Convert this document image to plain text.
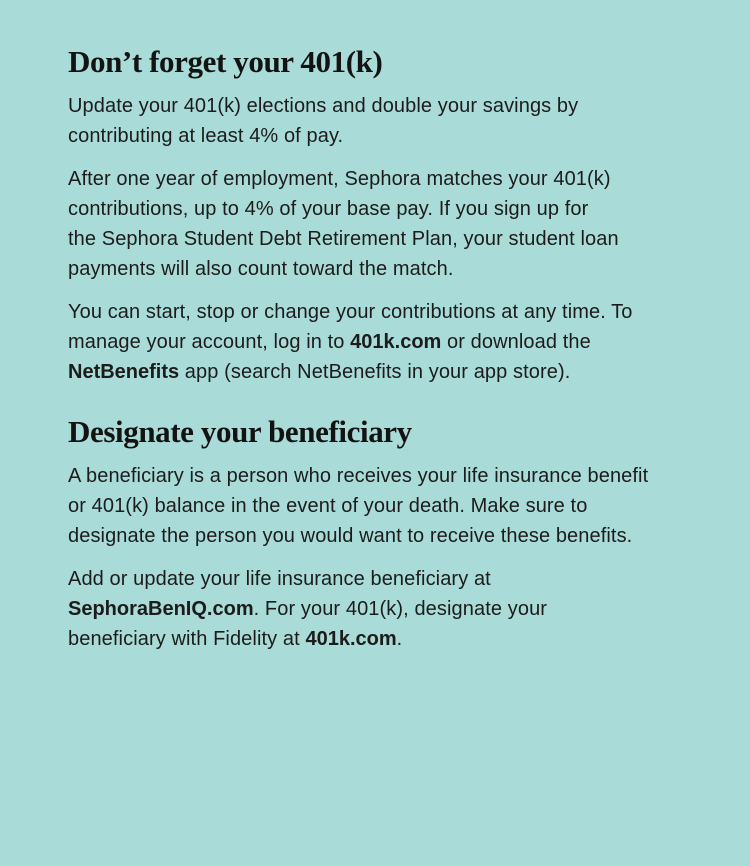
Don’t forget your 401(k)

Update your 401(k) elections and double your savings by
contributing at least 4% of pay.

After one year of employment, Sephora matches your 401(k)
contributions, up to 4% of your base pay. If you sign up for
the Sephora Student Debt Retirement Plan, your student loan
payments will also count toward the match.

You can start, stop or change your contributions at any time. To
manage your account, log in to 401k.com or download the
NetBenefits app (search NetBenefits in your app store).

Designate your beneficiary

A beneficiary is a person who receives your life insurance benefit
or 401(k) balance in the event of your death. Make sure to
designate the person you would want to receive these benefits.

Add or update your life insurance beneficiary at
SephoraBenIQ.com. For your 401(k), designate your
beneficiary with Fidelity at 401k.com.
